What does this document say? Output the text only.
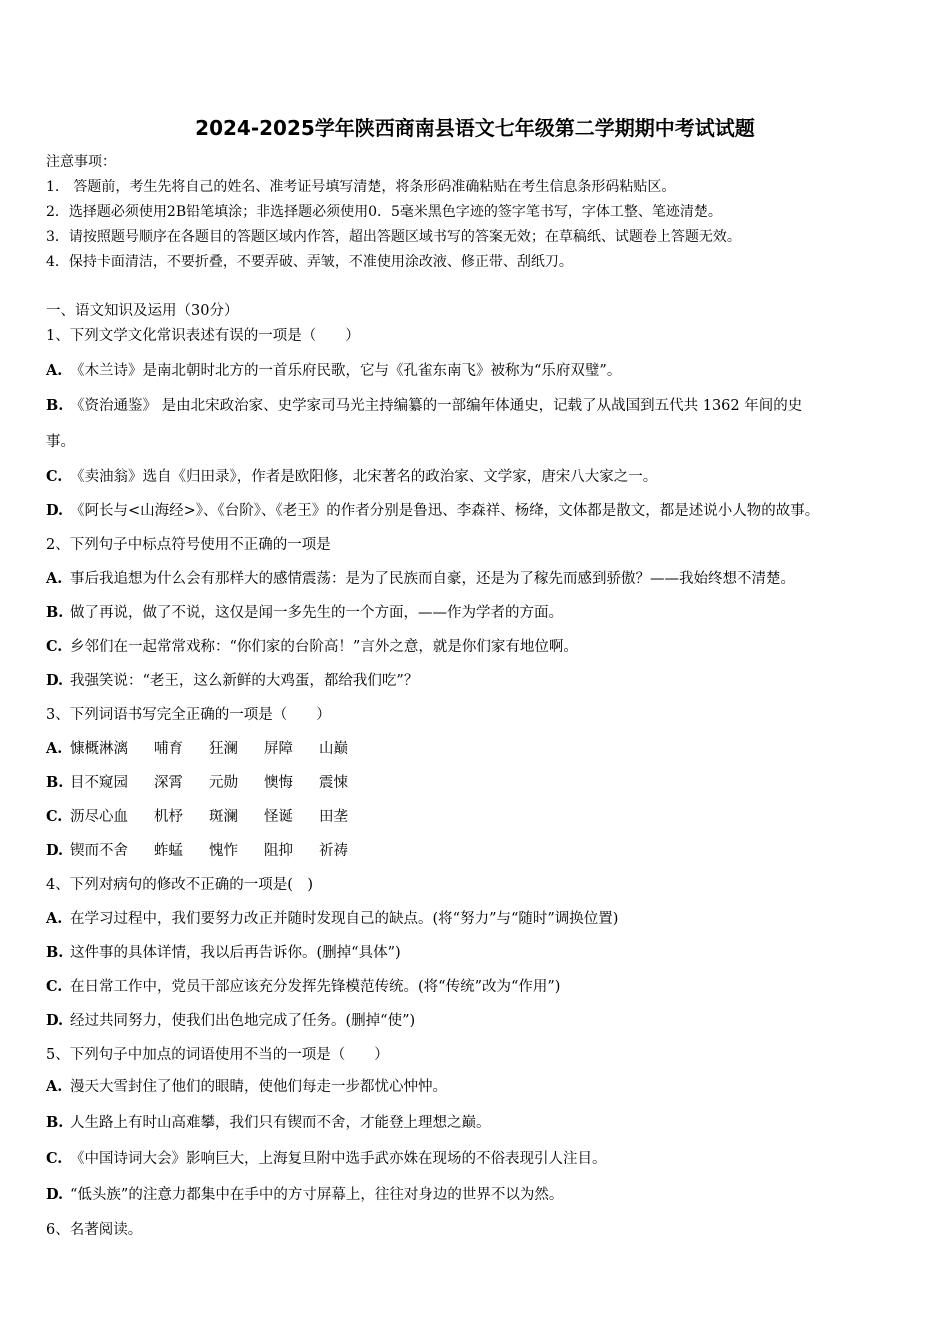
2024-2025学年陕西商南县语文七年级第二学期期中考试试题
注意事项：
1.　答题前，考生先将自己的姓名、准考证号填写清楚，将条形码准确粘贴在考生信息条形码粘贴区。
2．选择题必须使用2B铅笔填涂；非选择题必须使用0．5毫米黑色字迹的签字笔书写，字体工整、笔迹清楚。
3．请按照题号顺序在各题目的答题区域内作答，超出答题区域书写的答案无效；在草稿纸、试题卷上答题无效。
4．保持卡面清洁，不要折叠，不要弄破、弄皱，不准使用涂改液、修正带、刮纸刀。
一、语文知识及运用（30分）
1、下列文学文化常识表述有误的一项是（　　）
A. 《木兰诗》是南北朝时北方的一首乐府民歌，它与《孔雀东南飞》被称为“乐府双璧”。
B. 《资治通鉴》 是由北宋政治家、史学家司马光主持编纂的一部编年体通史，记载了从战国到五代共 1362 年间的史
事。
C. 《卖油翁》选自《归田录》，作者是欧阳修，北宋著名的政治家、文学家，唐宋八大家之一。
D. 《阿长与<山海经>》、《台阶》、《老王》的作者分别是鲁迅、李森祥、杨绛，文体都是散文，都是述说小人物的故事。
2、下列句子中标点符号使用不正确的一项是
A. 事后我追想为什么会有那样大的感情震荡：是为了民族而自豪，还是为了稼先而感到骄傲？——我始终想不清楚。
B. 做了再说，做了不说，这仅是闻一多先生的一个方面，——作为学者的方面。
C. 乡邻们在一起常常戏称：“你们家的台阶高！”言外之意，就是你们家有地位啊。
D. 我强笑说：“老王，这么新鲜的大鸡蛋，都给我们吃”？
3、下列词语书写完全正确的一项是（　　）
A. 慷概淋漓 哺育 狂澜 屏障 山巅
B. 目不窥园 深霄 元勋 懊悔 震悚
C. 沥尽心血 机杼 斑澜 怪诞 田垄
D. 锲而不舍 蚱蜢 愧怍 阻抑 祈祷
4、下列对病句的修改不正确的一项是(　)
A. 在学习过程中，我们要努力改正并随时发现自己的缺点。(将“努力”与“随时”调换位置)
B. 这件事的具体详情，我以后再告诉你。(删掉“具体”)
C. 在日常工作中，党员干部应该充分发挥先锋模范传统。(将“传统”改为“作用”)
D. 经过共同努力，使我们出色地完成了任务。(删掉“使”)
5、下列句子中加点的词语使用不当的一项是（　　）
A. 漫天大雪封住了他们的眼睛，使他们每走一步都忧心忡忡。
B. 人生路上有时山高难攀，我们只有锲而不舍，才能登上理想之巅。
C. 《中国诗词大会》影响巨大，上海复旦附中选手武亦姝在现场的不俗表现引人注目。
D. “低头族”的注意力都集中在手中的方寸屏幕上，往往对身边的世界不以为然。
6、名著阅读。
